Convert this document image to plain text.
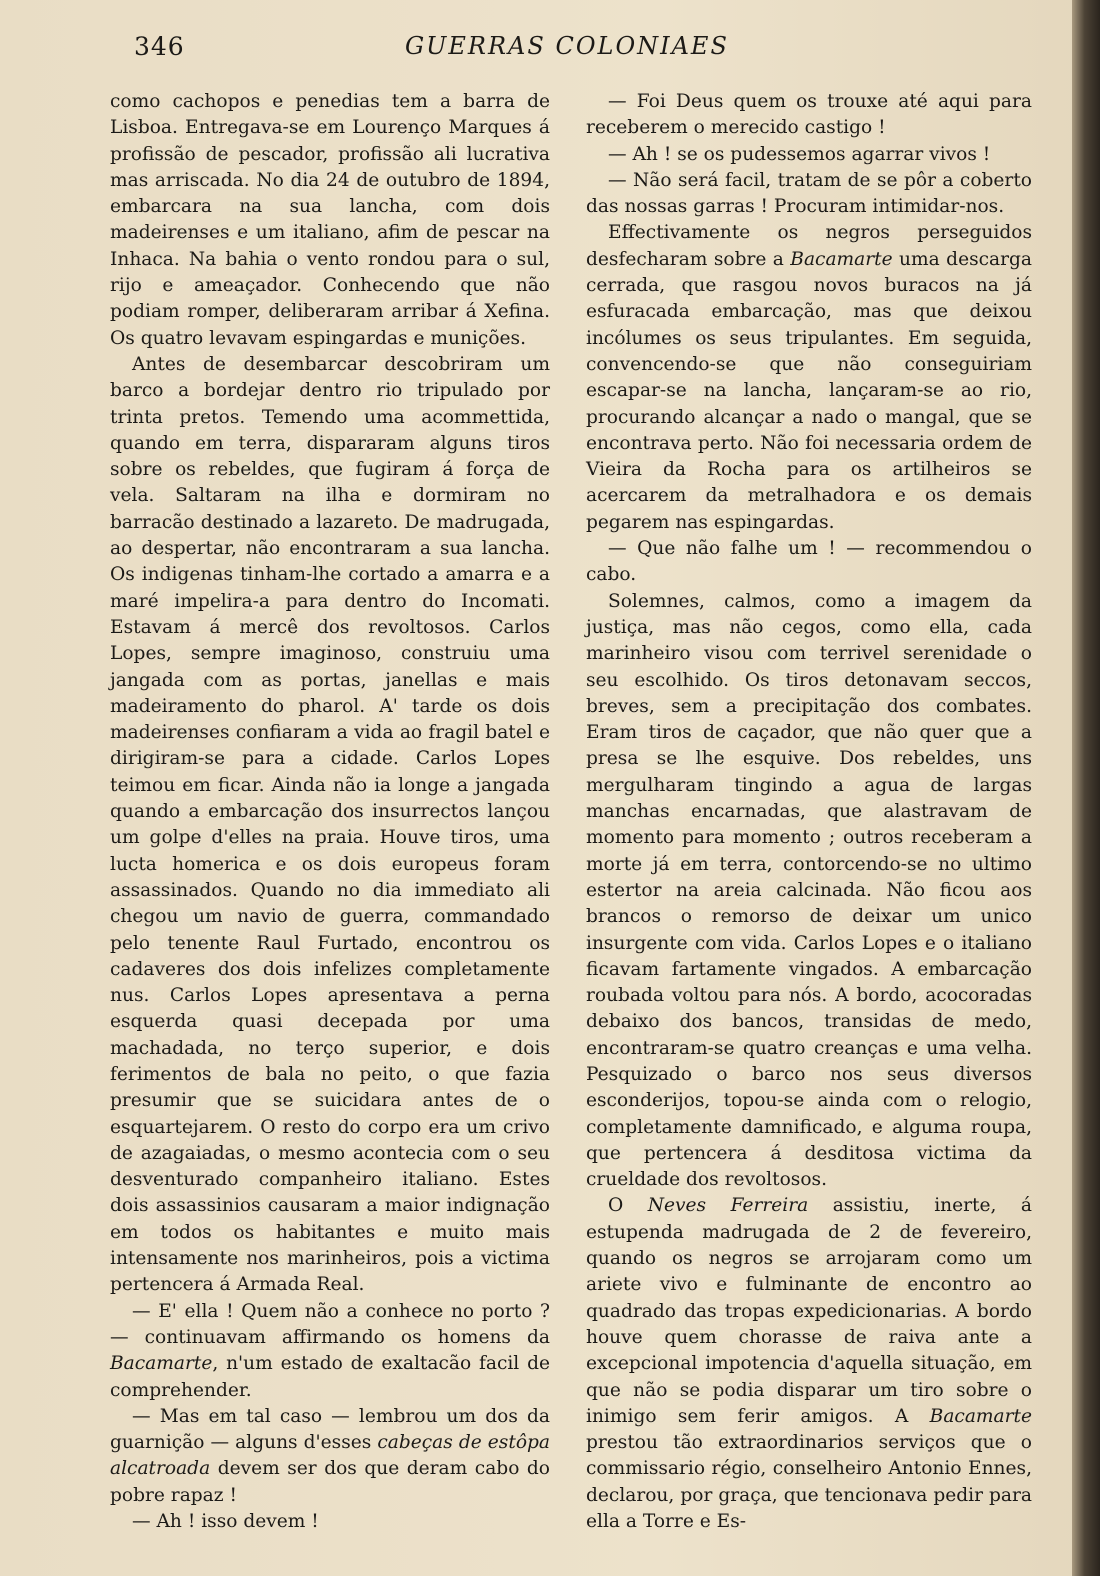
346	GUERRAS COLONIAES

como cachopos e penedias tem a barra de Lisboa. Entregava-se em Lourenço Marques á profissão de pescador, profissão ali lucrativa mas arriscada. No dia 24 de outubro de 1894, embarcara na sua lancha, com dois madeirenses e um italiano, afim de pescar na Inhaca. Na bahia o vento rondou para o sul, rijo e ameaçador. Conhecendo que não podiam romper, deliberaram arribar á Xefina. Os quatro levavam espingardas e munições.

Antes de desembarcar descobriram um barco a bordejar dentro rio tripulado por trinta pretos. Temendo uma acommettida, quando em terra, dispararam alguns tiros sobre os rebeldes, que fugiram á força de vela. Saltaram na ilha e dormiram no barracão destinado a lazareto. De madrugada, ao despertar, não encontraram a sua lancha. Os indigenas tinham-lhe cortado a amarra e a maré impelira-a para dentro do Incomati. Estavam á mercê dos revoltosos. Carlos Lopes, sempre imaginoso, construiu uma jangada com as portas, janellas e mais madeiramento do pharol. A' tarde os dois madeirenses confiaram a vida ao fragil batel e dirigiram-se para a cidade. Carlos Lopes teimou em ficar. Ainda não ia longe a jangada quando a embarcação dos insurrectos lançou um golpe d'elles na praia. Houve tiros, uma lucta homerica e os dois europeus foram assassinados. Quando no dia immediato ali chegou um navio de guerra, commandado pelo tenente Raul Furtado, encontrou os cadaveres dos dois infelizes completamente nus. Carlos Lopes apresentava a perna esquerda quasi decepada por uma machadada, no terço superior, e dois ferimentos de bala no peito, o que fazia presumir que se suicidara antes de o esquartejarem. O resto do corpo era um crivo de azagaiadas, o mesmo acontecia com o seu desventurado companheiro italiano. Estes dois assassinios causaram a maior indignação em todos os habitantes e muito mais intensamente nos marinheiros, pois a victima pertencera á Armada Real.

— E' ella ! Quem não a conhece no porto ? — continuavam affirmando os homens da Bacamarte, n'um estado de exaltacão facil de comprehender.

— Mas em tal caso — lembrou um dos da guarnição — alguns d'esses cabeças de estôpa alcatroada devem ser dos que deram cabo do pobre rapaz !

— Ah ! isso devem !

— Foi Deus quem os trouxe até aqui para receberem o merecido castigo !

— Ah ! se os pudessemos agarrar vivos !

— Não será facil, tratam de se pôr a coberto das nossas garras ! Procuram intimidar-nos.

Effectivamente os negros perseguidos desfecharam sobre a Bacamarte uma descarga cerrada, que rasgou novos buracos na já esfuracada embarcação, mas que deixou incólumes os seus tripulantes. Em seguida, convencendo-se que não conseguiriam escapar-se na lancha, lançaram-se ao rio, procurando alcançar a nado o mangal, que se encontrava perto. Não foi necessaria ordem de Vieira da Rocha para os artilheiros se acercarem da metralhadora e os demais pegarem nas espingardas.

— Que não falhe um ! — recommendou o cabo.

Solemnes, calmos, como a imagem da justiça, mas não cegos, como ella, cada marinheiro visou com terrivel serenidade o seu escolhido. Os tiros detonavam seccos, breves, sem a precipitação dos combates. Eram tiros de caçador, que não quer que a presa se lhe esquive. Dos rebeldes, uns mergulharam tingindo a agua de largas manchas encarnadas, que alastravam de momento para momento ; outros receberam a morte já em terra, contorcendo-se no ultimo estertor na areia calcinada. Não ficou aos brancos o remorso de deixar um unico insurgente com vida. Carlos Lopes e o italiano ficavam fartamente vingados. A embarcação roubada voltou para nós. A bordo, acocoradas debaixo dos bancos, transidas de medo, encontraram-se quatro creanças e uma velha. Pesquizado o barco nos seus diversos esconderijos, topou-se ainda com o relogio, completamente damnificado, e alguma roupa, que pertencera á desditosa victima da crueldade dos revoltosos.

O Neves Ferreira assistiu, inerte, á estupenda madrugada de 2 de fevereiro, quando os negros se arrojaram como um ariete vivo e fulminante de encontro ao quadrado das tropas expedicionarias. A bordo houve quem chorasse de raiva ante a excepcional impotencia d'aquella situação, em que não se podia disparar um tiro sobre o inimigo sem ferir amigos. A Bacamarte prestou tão extraordinarios serviços que o commissario régio, conselheiro Antonio Ennes, declarou, por graça, que tencionava pedir para ella a Torre e Es-
